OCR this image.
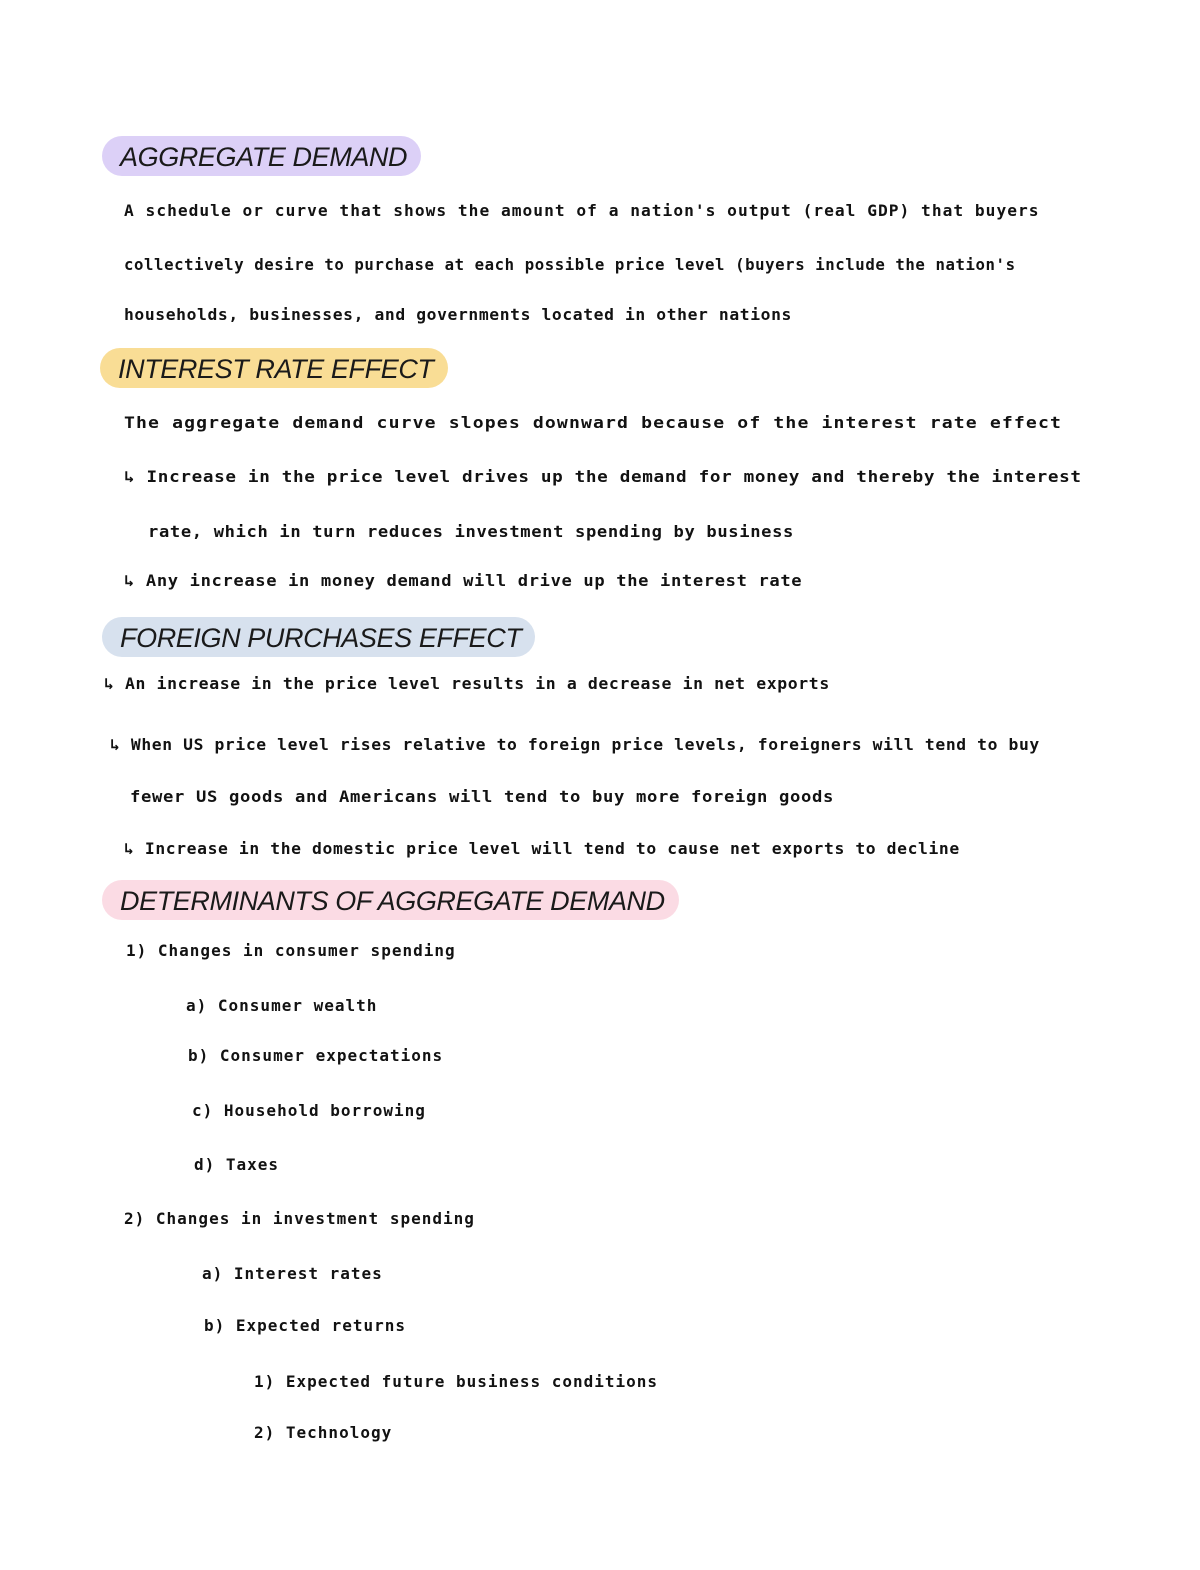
AGGREGATE DEMAND
A schedule or curve that shows the amount of a nation's output (real GDP) that buyers
collectively desire to purchase at each possible price level (buyers include the nation's
households, businesses, and governments located in other nations
INTEREST RATE EFFECT
The aggregate demand curve slopes downward because of the interest rate effect
↳ Increase in the price level drives up the demand for money and thereby the interest
rate, which in turn reduces investment spending by business
↳ Any increase in money demand will drive up the interest rate
FOREIGN PURCHASES EFFECT
↳ An increase in the price level results in a decrease in net exports
↳ When US price level rises relative to foreign price levels, foreigners will tend to buy
fewer US goods and Americans will tend to buy more foreign goods
↳ Increase in the domestic price level will tend to cause net exports to decline
DETERMINANTS OF AGGREGATE DEMAND
1) Changes in consumer spending
a) Consumer wealth
b) Consumer expectations
c) Household borrowing
d) Taxes
2) Changes in investment spending
a) Interest rates
b) Expected returns
1) Expected future business conditions
2) Technology
